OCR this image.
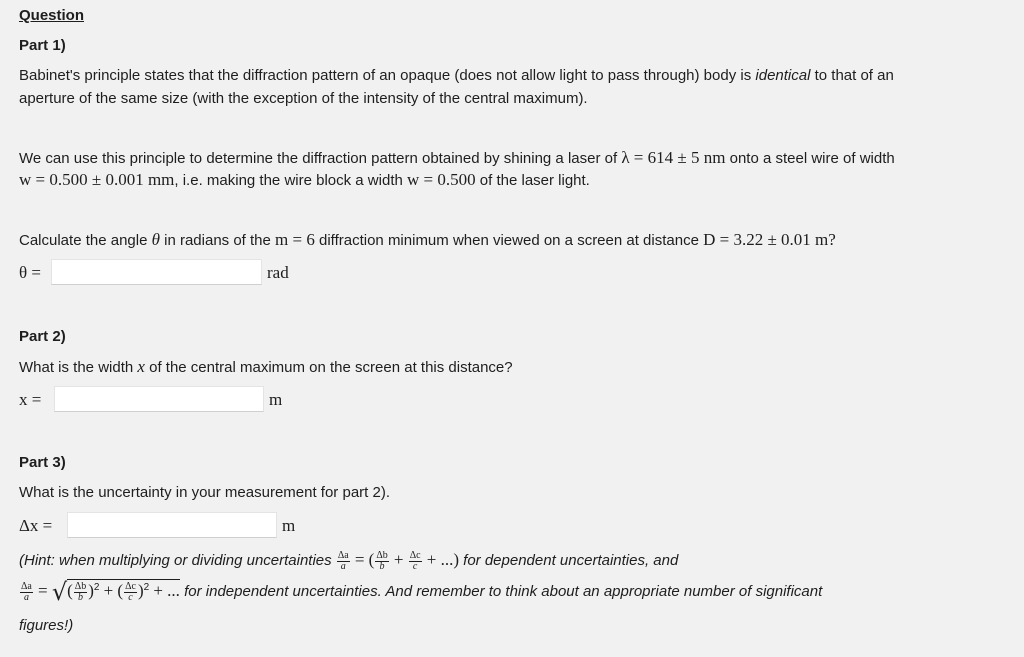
Question
Part 1)
Babinet's principle states that the diffraction pattern of an opaque (does not allow light to pass through) body is identical to that of an
aperture of the same size (with the exception of the intensity of the central maximum).
We can use this principle to determine the diffraction pattern obtained by shining a laser of λ = 614 ± 5 nm onto a steel wire of width
w = 0.500 ± 0.001 mm, i.e. making the wire block a width w = 0.500 of the laser light.
Calculate the angle θ in radians of the m = 6 diffraction minimum when viewed on a screen at distance D = 3.22 ± 0.01 m?
θ =	rad
Part 2)
What is the width x of the central maximum on the screen at this distance?
x =	m
Part 3)
What is the uncertainty in your measurement for part 2).
Δx =	m
(Hint: when multiplying or dividing uncertainties $\frac{\Delta a}{a}$ = ( $\frac{\Delta b}{b} + \frac{\Delta c}{c}$ + ...) for dependent uncertainties, and
$\frac{\Delta a}{a}$ = √( $\frac{\Delta b}{b} )^2$ + ( $\frac{\Delta c}{c} )^2$ + ... for independent uncertainties. And remember to think about an appropriate number of significant
figures!)
